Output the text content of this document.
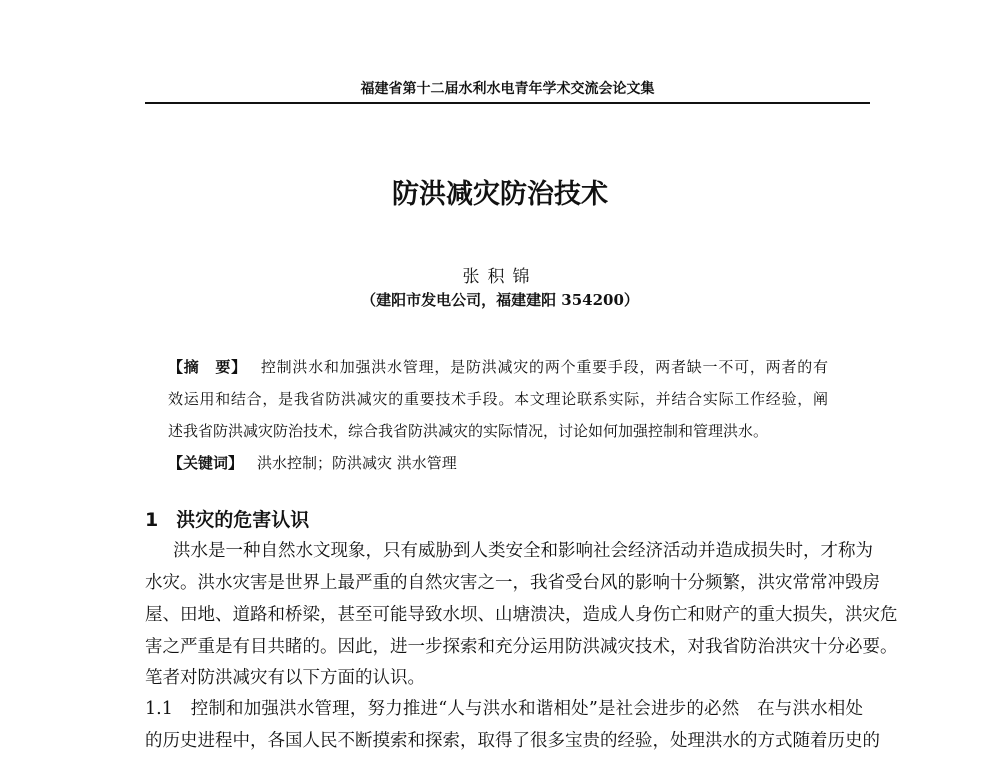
福建省第十二届水利水电青年学术交流会论文集
防洪减灾防治技术
张积锦
（建阳市发电公司，福建建阳 354200）
【摘　要】 控制洪水和加强洪水管理，是防洪减灾的两个重要手段，两者缺一不可，两者的有
效运用和结合，是我省防洪减灾的重要技术手段。本文理论联系实际，并结合实际工作经验，阐
述我省防洪减灾防治技术，综合我省防洪减灾的实际情况，讨论如何加强控制和管理洪水。
【关键词】 洪水控制；防洪减灾 洪水管理
1 洪灾的危害认识
洪水是一种自然水文现象，只有威胁到人类安全和影响社会经济活动并造成损失时，才称为
水灾。洪水灾害是世界上最严重的自然灾害之一，我省受台风的影响十分频繁，洪灾常常冲毁房
屋、田地、道路和桥梁，甚至可能导致水坝、山塘溃决，造成人身伤亡和财产的重大损失，洪灾危
害之严重是有目共睹的。因此，进一步探索和充分运用防洪减灾技术，对我省防治洪灾十分必要。
笔者对防洪减灾有以下方面的认识。
1.1　控制和加强洪水管理，努力推进“人与洪水和谐相处”是社会进步的必然　在与洪水相处
的历史进程中，各国人民不断摸索和探索，取得了很多宝贵的经验，处理洪水的方式随着历史的
